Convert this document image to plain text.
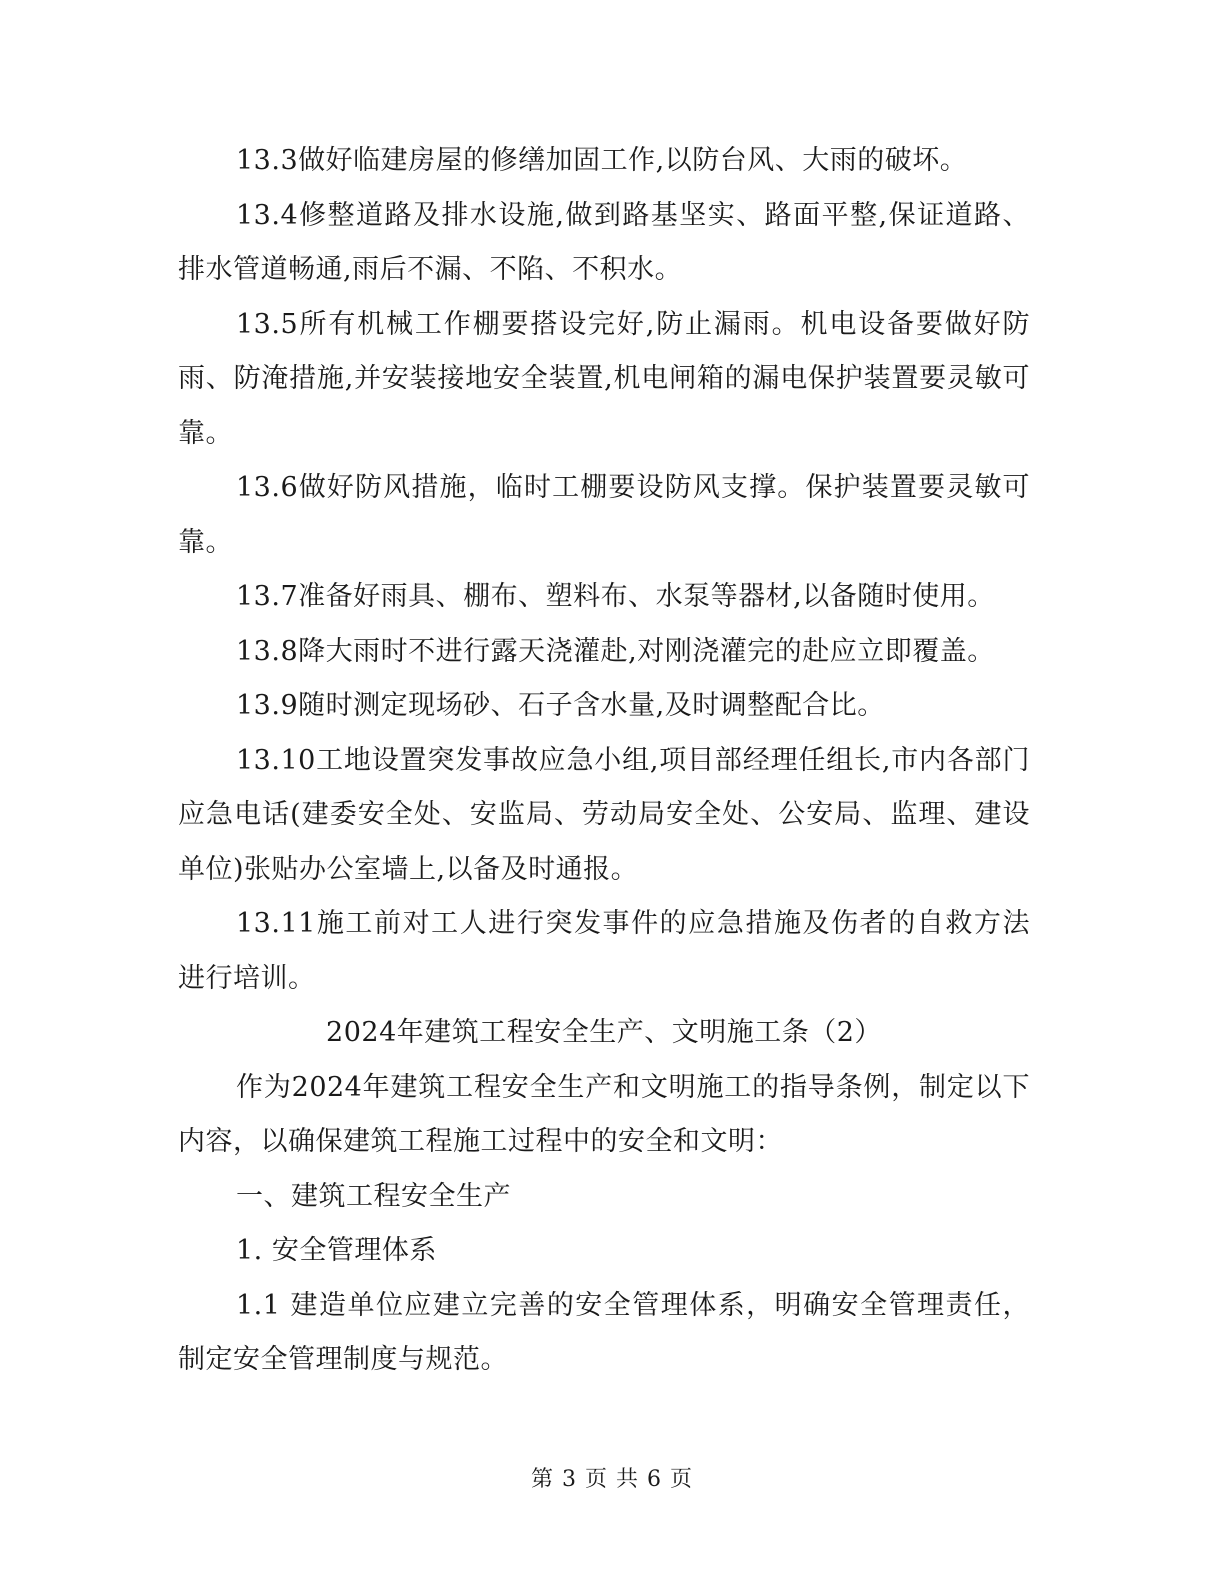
13.3做好临建房屋的修缮加固工作,以防台风、大雨的破坏。

13.4修整道路及排水设施,做到路基坚实、路面平整,保证道路、排水管道畅通,雨后不漏、不陷、不积水。

13.5所有机械工作棚要搭设完好,防止漏雨。机电设备要做好防雨、防淹措施,并安装接地安全装置,机电闸箱的漏电保护装置要灵敏可靠。

13.6做好防风措施，临时工棚要设防风支撑。保护装置要灵敏可靠。

13.7准备好雨具、棚布、塑料布、水泵等器材,以备随时使用。

13.8降大雨时不进行露天浇灌赴,对刚浇灌完的赴应立即覆盖。

13.9随时测定现场砂、石子含水量,及时调整配合比。

13.10工地设置突发事故应急小组,项目部经理任组长,市内各部门应急电话(建委安全处、安监局、劳动局安全处、公安局、监理、建设单位)张贴办公室墙上,以备及时通报。

13.11施工前对工人进行突发事件的应急措施及伤者的自救方法进行培训。

2024年建筑工程安全生产、文明施工条（2）

作为2024年建筑工程安全生产和文明施工的指导条例，制定以下内容，以确保建筑工程施工过程中的安全和文明：

一、建筑工程安全生产

1. 安全管理体系

1.1 建造单位应建立完善的安全管理体系，明确安全管理责任，制定安全管理制度与规范。

第 3 页 共 6 页
